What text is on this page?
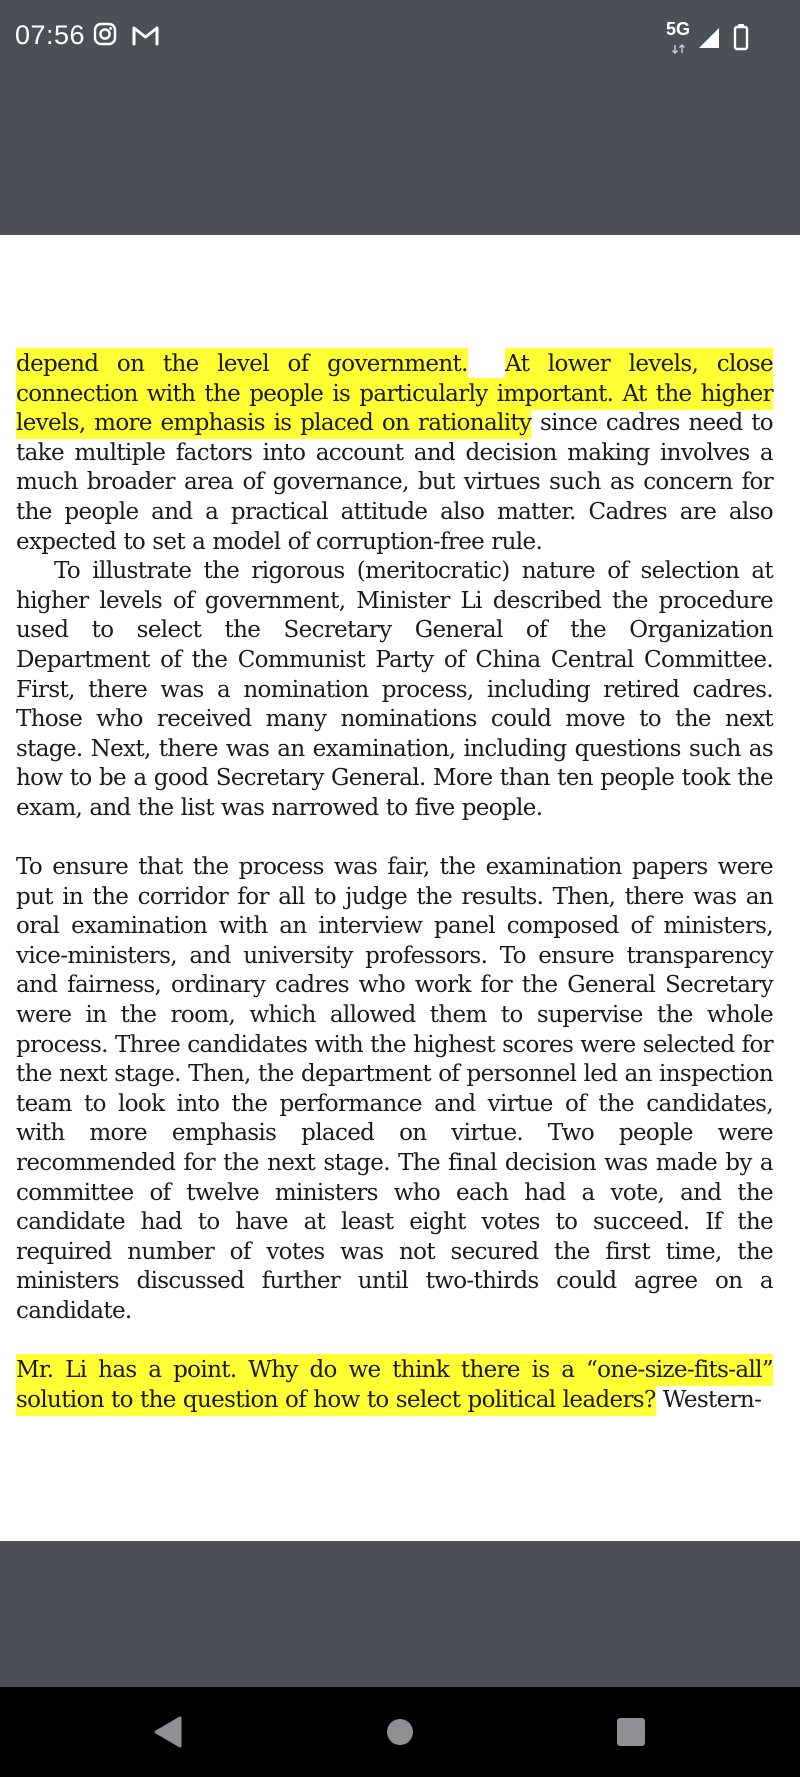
07:56	5G

depend on the level of government. At lower levels, close connection with the people is particularly important. At the higher levels, more emphasis is placed on rationality since cadres need to take multiple factors into account and decision making involves a much broader area of governance, but virtues such as concern for the people and a practical attitude also matter. Cadres are also expected to set a model of corruption-free rule.

To illustrate the rigorous (meritocratic) nature of selection at higher levels of government, Minister Li described the procedure used to select the Secretary General of the Organization Department of the Communist Party of China Central Committee. First, there was a nomination process, including retired cadres. Those who received many nominations could move to the next stage. Next, there was an examination, including questions such as how to be a good Secretary General. More than ten people took the exam, and the list was narrowed to five people.

To ensure that the process was fair, the examination papers were put in the corridor for all to judge the results. Then, there was an oral examination with an interview panel composed of ministers, vice-ministers, and university professors. To ensure transparency and fairness, ordinary cadres who work for the General Secretary were in the room, which allowed them to supervise the whole process. Three candidates with the highest scores were selected for the next stage. Then, the department of personnel led an inspection team to look into the performance and virtue of the candidates, with more emphasis placed on virtue. Two people were recommended for the next stage. The final decision was made by a committee of twelve ministers who each had a vote, and the candidate had to have at least eight votes to succeed. If the required number of votes was not secured the first time, the ministers discussed further until two-thirds could agree on a candidate.

Mr. Li has a point. Why do we think there is a “one-size-fits-all” solution to the question of how to select political leaders? Western-
